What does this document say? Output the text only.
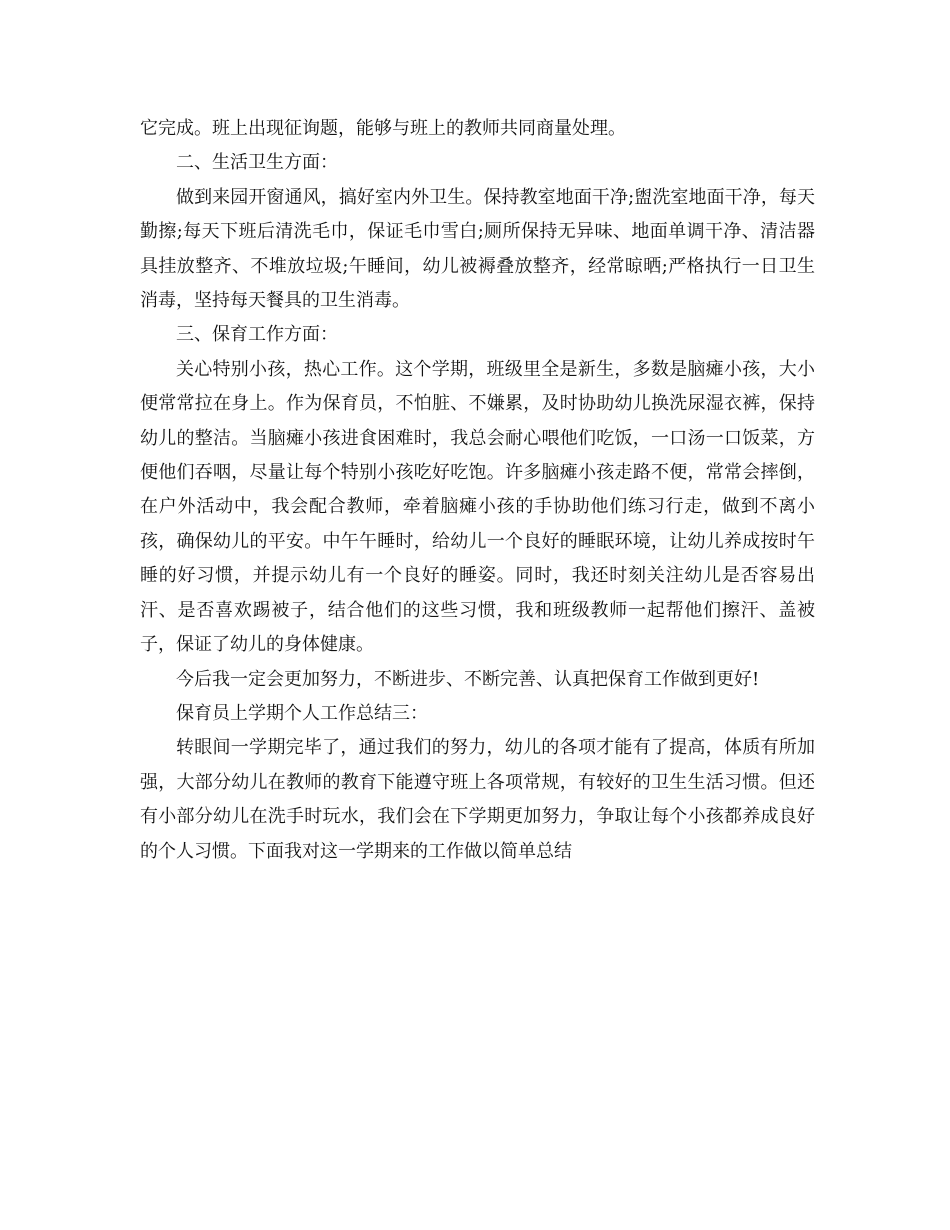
它完成。班上出现征询题，能够与班上的教师共同商量处理。

二、生活卫生方面：

做到来园开窗通风，搞好室内外卫生。保持教室地面干净;盥洗室地面干净，每天勤擦;每天下班后清洗毛巾，保证毛巾雪白;厕所保持无异味、地面单调干净、清洁器具挂放整齐、不堆放垃圾;午睡间，幼儿被褥叠放整齐，经常晾晒;严格执行一日卫生消毒，坚持每天餐具的卫生消毒。

三、保育工作方面：

关心特别小孩，热心工作。这个学期，班级里全是新生，多数是脑瘫小孩，大小便常常拉在身上。作为保育员，不怕脏、不嫌累，及时协助幼儿换洗尿湿衣裤，保持幼儿的整洁。当脑瘫小孩进食困难时，我总会耐心喂他们吃饭，一口汤一口饭菜，方便他们吞咽，尽量让每个特别小孩吃好吃饱。许多脑瘫小孩走路不便，常常会摔倒，在户外活动中，我会配合教师，牵着脑瘫小孩的手协助他们练习行走，做到不离小孩，确保幼儿的平安。中午午睡时，给幼儿一个良好的睡眠环境，让幼儿养成按时午睡的好习惯，并提示幼儿有一个良好的睡姿。同时，我还时刻关注幼儿是否容易出汗、是否喜欢踢被子，结合他们的这些习惯，我和班级教师一起帮他们擦汗、盖被子，保证了幼儿的身体健康。

今后我一定会更加努力，不断进步、不断完善、认真把保育工作做到更好!

保育员上学期个人工作总结三：

转眼间一学期完毕了，通过我们的努力，幼儿的各项才能有了提高，体质有所加强，大部分幼儿在教师的教育下能遵守班上各项常规，有较好的卫生生活习惯。但还有小部分幼儿在洗手时玩水，我们会在下学期更加努力，争取让每个小孩都养成良好的个人习惯。下面我对这一学期来的工作做以简单总结
